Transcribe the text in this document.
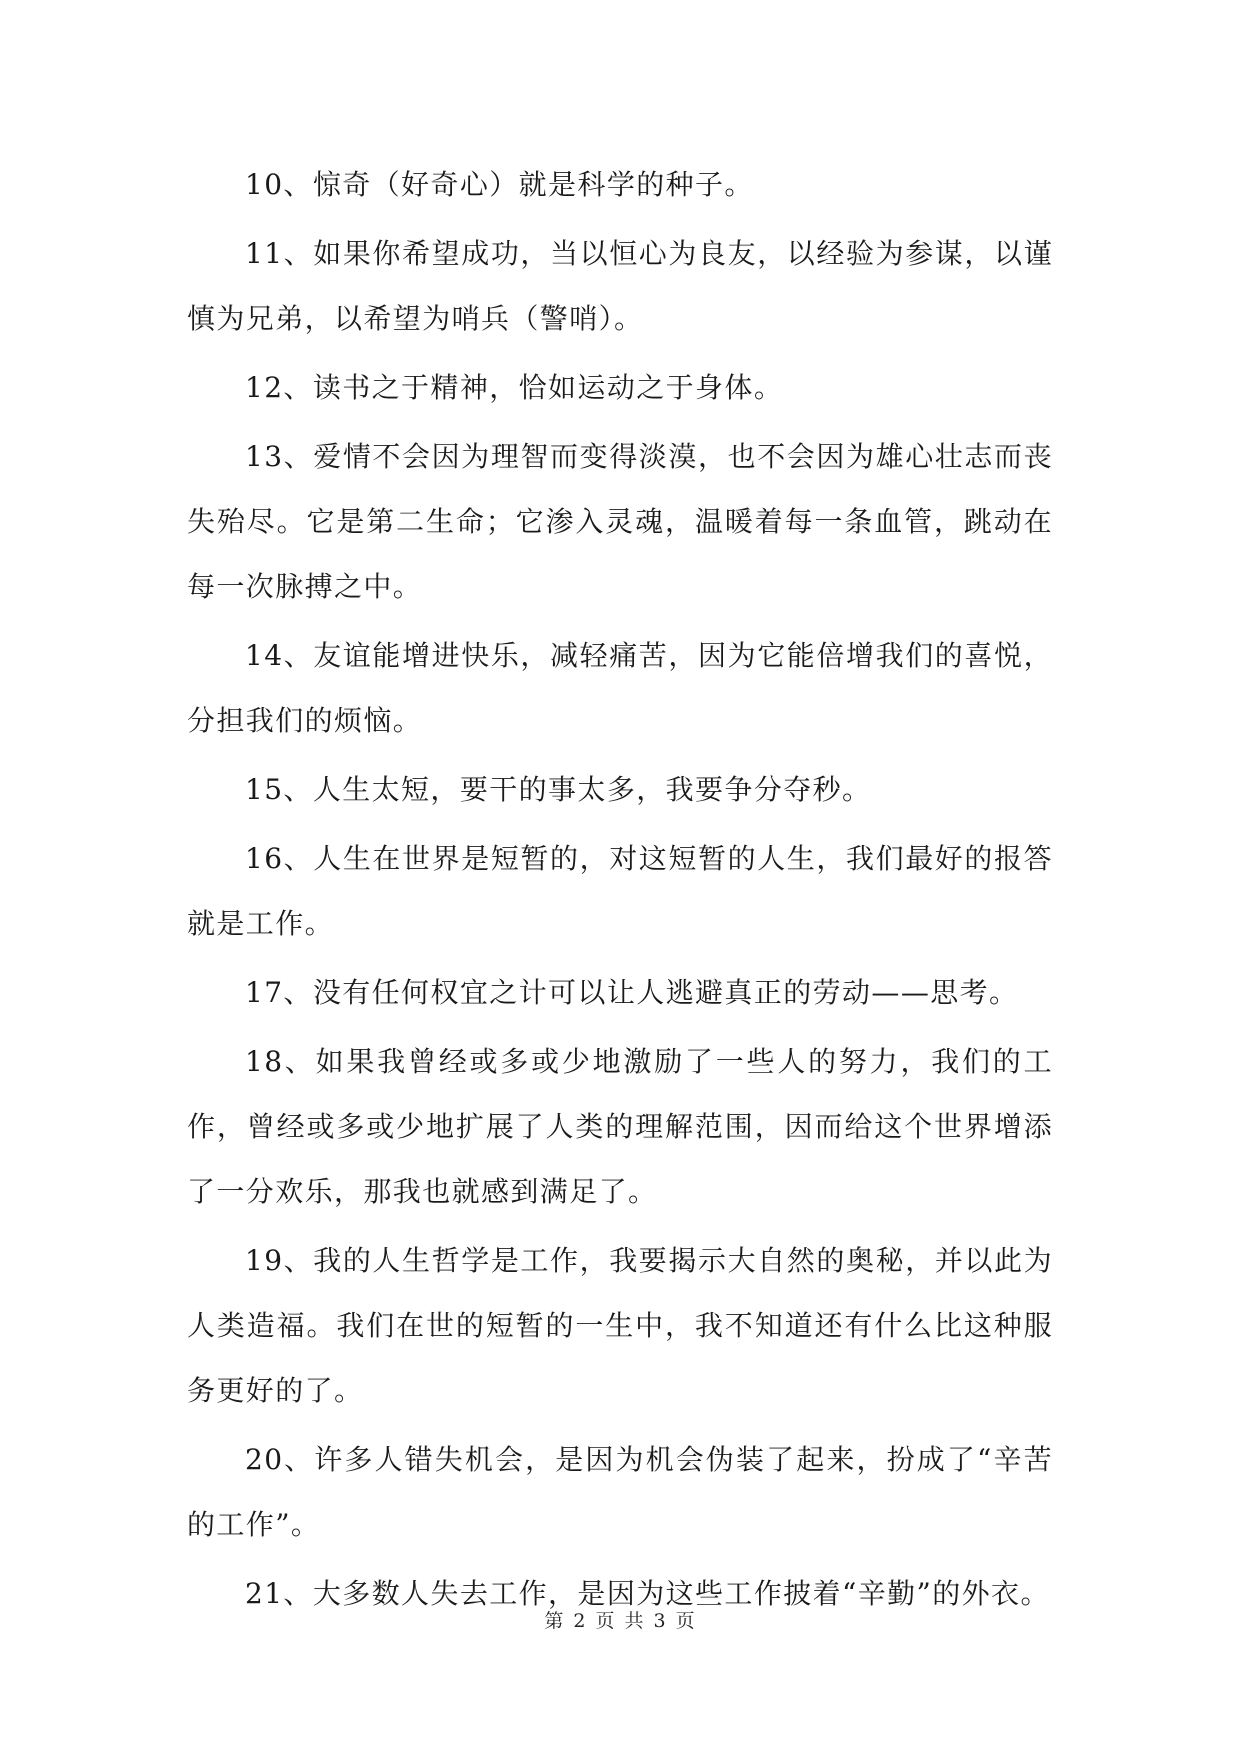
10、惊奇（好奇心）就是科学的种子。

11、如果你希望成功，当以恒心为良友，以经验为参谋，以谨慎为兄弟，以希望为哨兵（警哨）。

12、读书之于精神，恰如运动之于身体。

13、爱情不会因为理智而变得淡漠，也不会因为雄心壮志而丧失殆尽。它是第二生命；它渗入灵魂，温暖着每一条血管，跳动在每一次脉搏之中。

14、友谊能增进快乐，减轻痛苦，因为它能倍增我们的喜悦，分担我们的烦恼。

15、人生太短，要干的事太多，我要争分夺秒。

16、人生在世界是短暂的，对这短暂的人生，我们最好的报答就是工作。

17、没有任何权宜之计可以让人逃避真正的劳动——思考。

18、如果我曾经或多或少地激励了一些人的努力，我们的工作，曾经或多或少地扩展了人类的理解范围，因而给这个世界增添了一分欢乐，那我也就感到满足了。

19、我的人生哲学是工作，我要揭示大自然的奥秘，并以此为人类造福。我们在世的短暂的一生中，我不知道还有什么比这种服务更好的了。

20、许多人错失机会，是因为机会伪装了起来，扮成了“辛苦的工作”。

21、大多数人失去工作，是因为这些工作披着“辛勤”的外衣。

第 2 页 共 3 页
